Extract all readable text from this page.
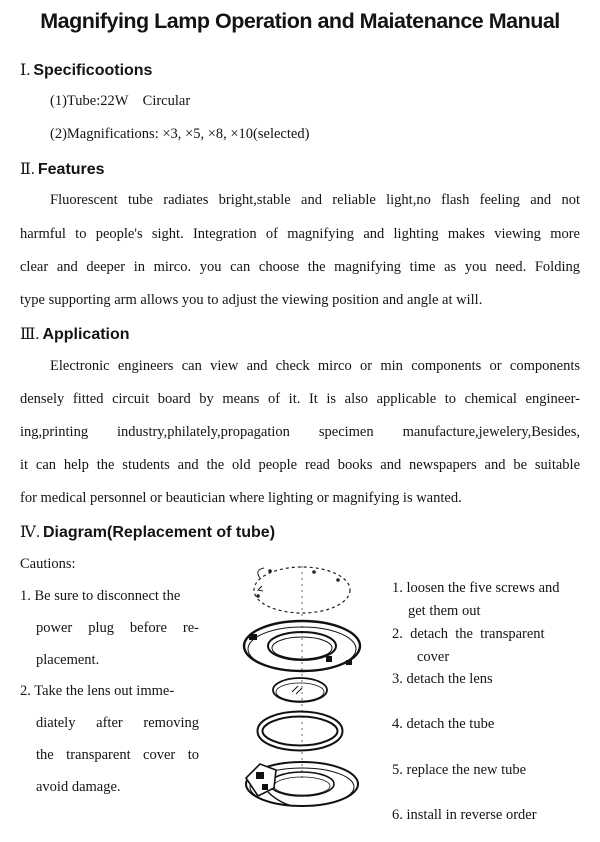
Magnifying Lamp Operation and Maiatenance Manual
Ⅰ. Specificootions
(1)Tube:22W    Circular
(2)Magnifications: ×3, ×5, ×8, ×10(selected)
Ⅱ. Features
Fluorescent tube radiates bright,stable and reliable light,no flash feeling and not
harmful to people's sight. Integration of magnifying and lighting makes viewing more
clear and deeper in mirco. you can choose the magnifying time as you need. Folding
type supporting arm allows you to adjust the viewing position and angle at will.
Ⅲ. Application
Electronic engineers can view and check mirco or min components or components
densely fitted circuit board by means of it. It is also applicable to chemical engineer-
ing,printing industry,philately,propagation specimen manufacture,jewelery,Besides,
it can help the students and the old people read books and newspapers and be suitable
for medical personnel or beautician where lighting or magnifying is wanted.
Ⅳ. Diagram(Replacement of tube)
Cautions:
1. Be sure to disconnect the
power plug before re-
placement.
2. Take the lens out imme-
diately after removing
the transparent cover to
avoid damage.
1. loosen the five screws and
get them out
2.  detach  the  transparent
cover
3. detach the lens
4. detach the tube
5. replace the new tube
6. install in reverse order
